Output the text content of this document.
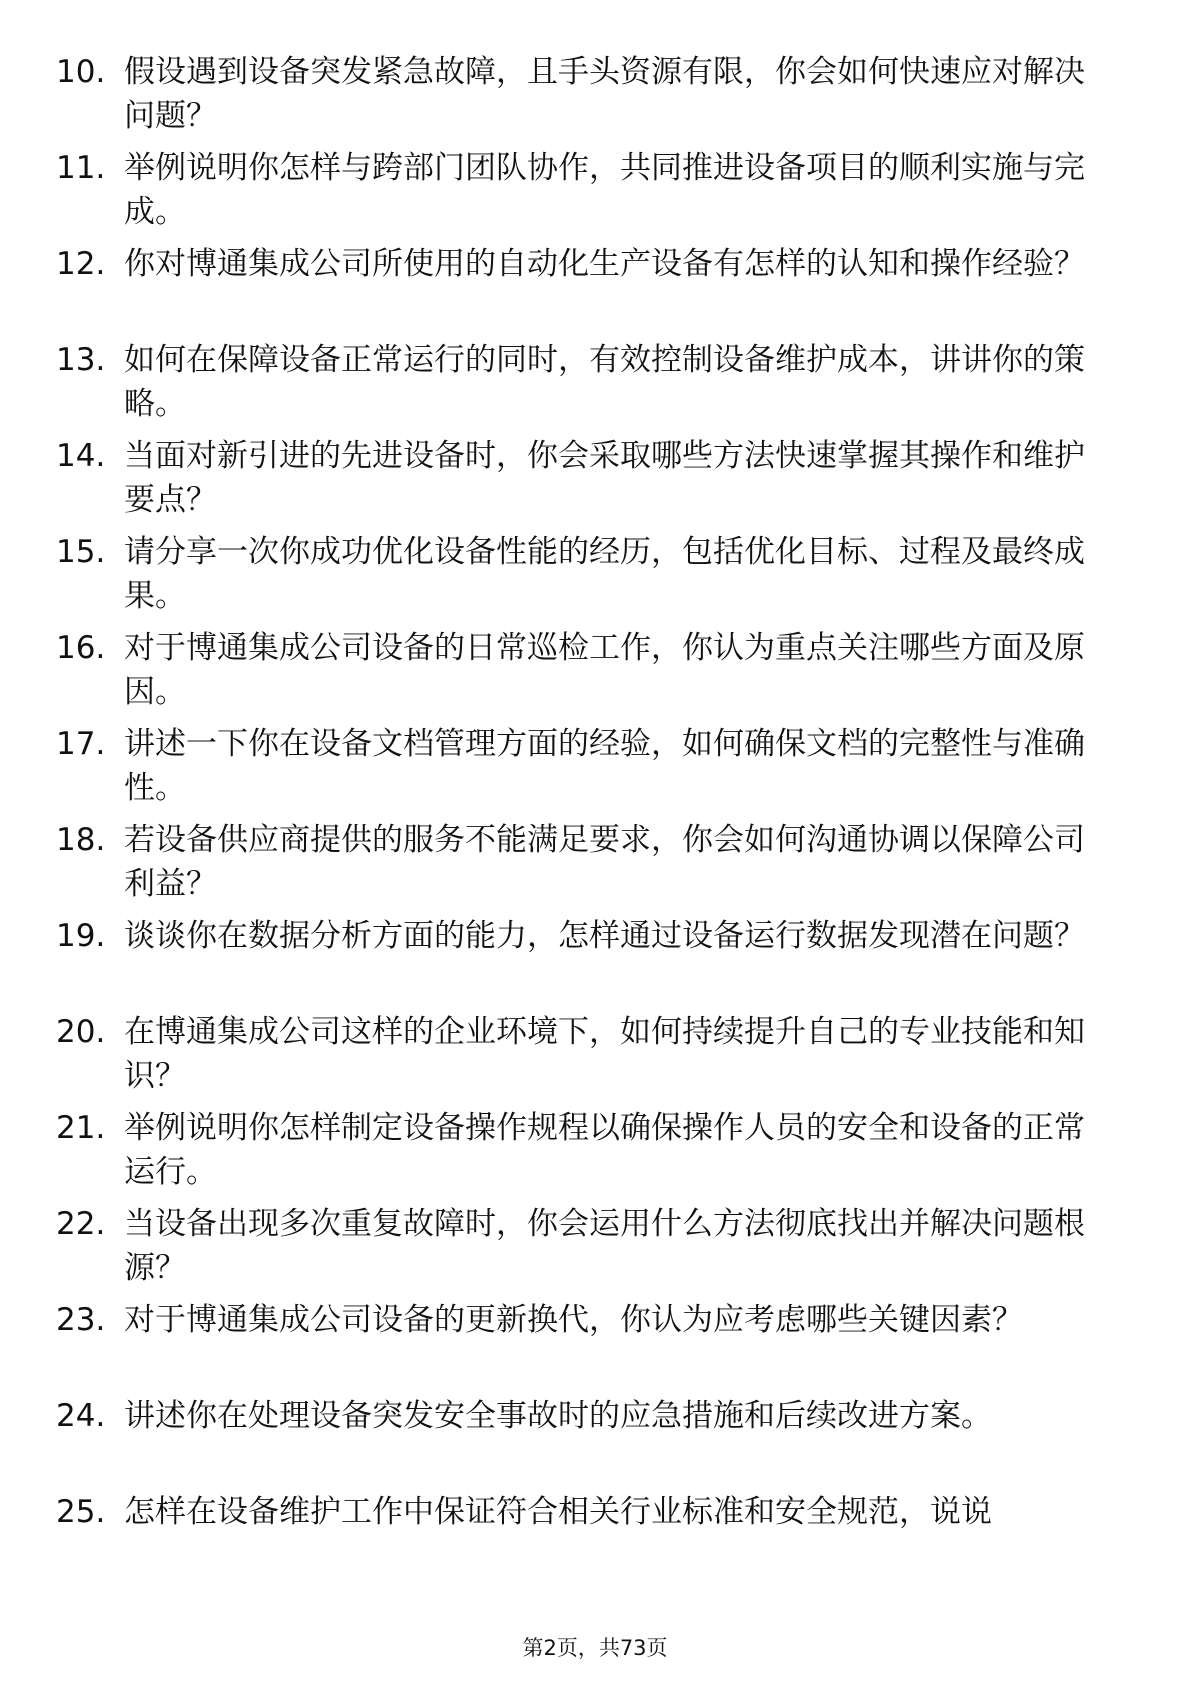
10. 假设遇到设备突发紧急故障，且手头资源有限，你会如何快速应对解决问题？
11. 举例说明你怎样与跨部门团队协作，共同推进设备项目的顺利实施与完成。
12. 你对博通集成公司所使用的自动化生产设备有怎样的认知和操作经验？
13. 如何在保障设备正常运行的同时，有效控制设备维护成本，讲讲你的策略。
14. 当面对新引进的先进设备时，你会采取哪些方法快速掌握其操作和维护要点？
15. 请分享一次你成功优化设备性能的经历，包括优化目标、过程及最终成果。
16. 对于博通集成公司设备的日常巡检工作，你认为重点关注哪些方面及原因。
17. 讲述一下你在设备文档管理方面的经验，如何确保文档的完整性与准确性。
18. 若设备供应商提供的服务不能满足要求，你会如何沟通协调以保障公司利益？
19. 谈谈你在数据分析方面的能力，怎样通过设备运行数据发现潜在问题？
20. 在博通集成公司这样的企业环境下，如何持续提升自己的专业技能和知识？
21. 举例说明你怎样制定设备操作规程以确保操作人员的安全和设备的正常运行。
22. 当设备出现多次重复故障时，你会运用什么方法彻底找出并解决问题根源？
23. 对于博通集成公司设备的更新换代，你认为应考虑哪些关键因素？
24. 讲述你在处理设备突发安全事故时的应急措施和后续改进方案。
25. 怎样在设备维护工作中保证符合相关行业标准和安全规范，说说
第2页，共73页
